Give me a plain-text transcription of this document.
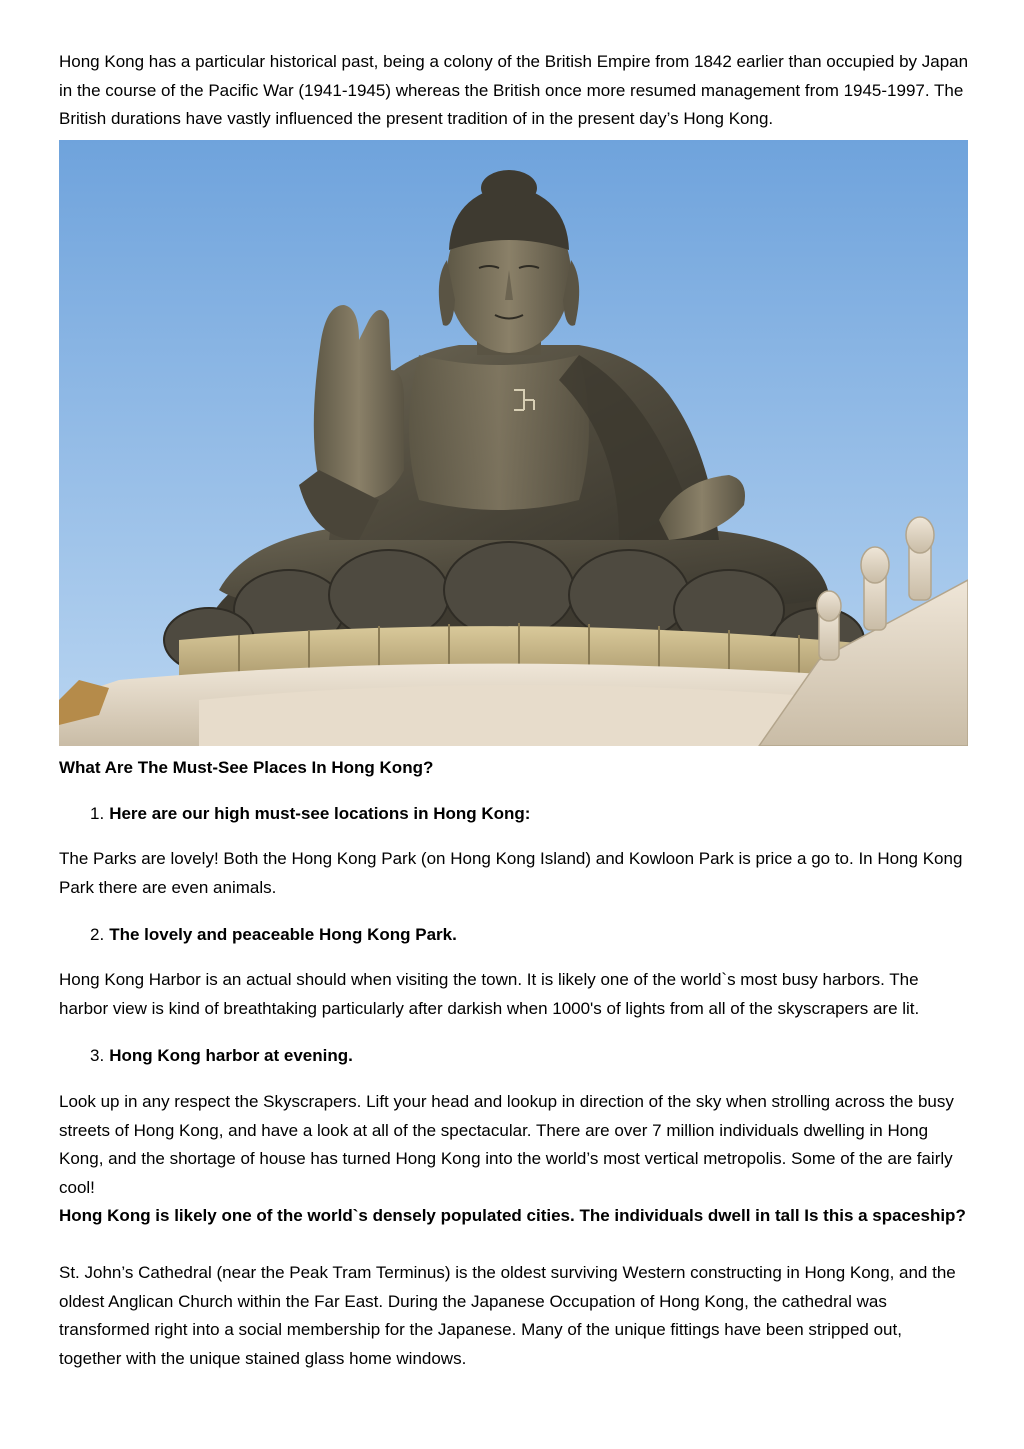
Hong Kong has a particular historical past, being a colony of the British Empire from 1842 earlier than occupied by Japan in the course of the Pacific War (1941-1945) whereas the British once more resumed management from 1945-1997. The British durations have vastly influenced the present tradition of in the present day’s Hong Kong.

What Are The Must-See Places In Hong Kong?

1. Here are our high must-see locations in Hong Kong:

The Parks are lovely! Both the Hong Kong Park (on Hong Kong Island) and Kowloon Park is price a go to. In Hong Kong Park there are even animals.

2. The lovely and peaceable Hong Kong Park.

Hong Kong Harbor is an actual should when visiting the town. It is likely one of the world`s most busy harbors. The harbor view is kind of breathtaking particularly after darkish when 1000's of lights from all of the skyscrapers are lit.

3. Hong Kong harbor at evening.

Look up in any respect the Skyscrapers. Lift your head and lookup in direction of the sky when strolling across the busy streets of Hong Kong, and have a look at all of the spectacular. There are over 7 million individuals dwelling in Hong Kong, and the shortage of house has turned Hong Kong into the world’s most vertical metropolis. Some of the are fairly cool!

Hong Kong is likely one of the world`s densely populated cities. The individuals dwell in tall Is this a spaceship?

St. John’s Cathedral (near the Peak Tram Terminus) is the oldest surviving Western constructing in Hong Kong, and the oldest Anglican Church within the Far East. During the Japanese Occupation of Hong Kong, the cathedral was transformed right into a social membership for the Japanese. Many of the unique fittings have been stripped out, together with the unique stained glass home windows.
